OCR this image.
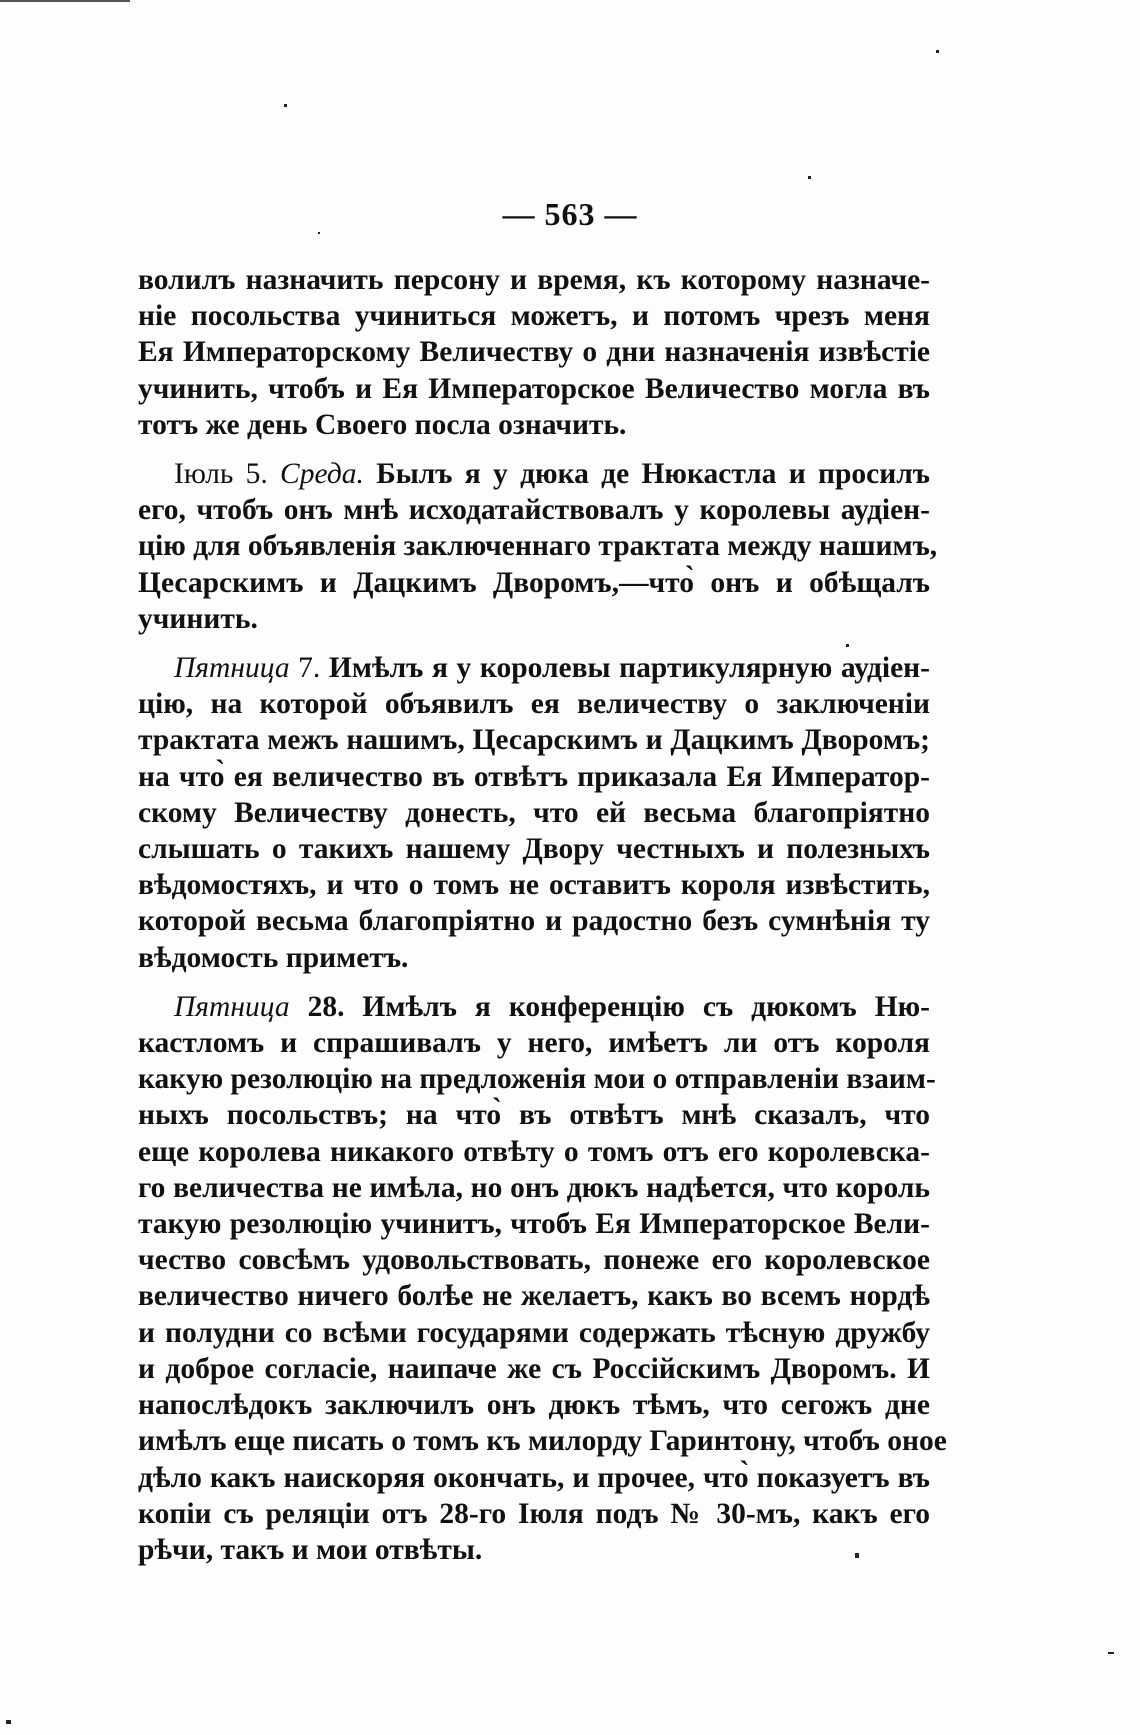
— 563 —

волилъ назначить персону и время, къ которому назначе-
ніе посольства учиниться можетъ, и потомъ чрезъ меня
Ея Императорскому Величеству о дни назначенія извѣстіе
учинить, чтобъ и Ея Императорское Величество могла въ
тотъ же день Своего посла означить.

Іюль 5. Среда. Былъ я у дюка де Нюкастла и просилъ
его, чтобъ онъ мнѣ исходатайствовалъ у королевы аудіен-
цію для объявленія заключеннаго трактата между нашимъ,
Цесарскимъ и Дацкимъ Дворомъ,—что̀ онъ и обѣщалъ
учинить.

Пятница 7. Имѣлъ я у королевы партикулярную аудіен-
цію, на которой объявилъ ея величеству о заключеніи
трактата межъ нашимъ, Цесарскимъ и Дацкимъ Дворомъ;
на что̀ ея величество въ отвѣтъ приказала Ея Император-
скому Величеству донесть, что ей весьма благопріятно
слышать о такихъ нашему Двору честныхъ и полезныхъ
вѣдомостяхъ, и что о томъ не оставитъ короля извѣстить,
которой весьма благопріятно и радостно безъ сумнѣнія ту
вѣдомость приметъ.

Пятница 28. Имѣлъ я конференцію съ дюкомъ Ню-
кастломъ и спрашивалъ у него, имѣетъ ли отъ короля
какую резолюцію на предложенія мои о отправленіи взаим-
ныхъ посольствъ; на что̀ въ отвѣтъ мнѣ сказалъ, что
еще королева никакого отвѣту о томъ отъ его королевска-
го величества не имѣла, но онъ дюкъ надѣется, что король
такую резолюцію учинитъ, чтобъ Ея Императорское Вели-
чество совсѣмъ удовольствовать, понеже его королевское
величество ничего болѣе не желаетъ, какъ во всемъ нордѣ
и полудни со всѣми государями содержать тѣсную дружбу
и доброе согласіе, наипаче же съ Россійскимъ Дворомъ. И
напослѣдокъ заключилъ онъ дюкъ тѣмъ, что сегожъ дне
имѣлъ еще писать о томъ къ милорду Гаринтону, чтобъ оное
дѣло какъ наискоряя окончать, и прочее, что̀ показуетъ въ
копіи съ реляціи отъ 28-го Іюля подъ № 30-мъ, какъ его
рѣчи, такъ и мои отвѣты.
